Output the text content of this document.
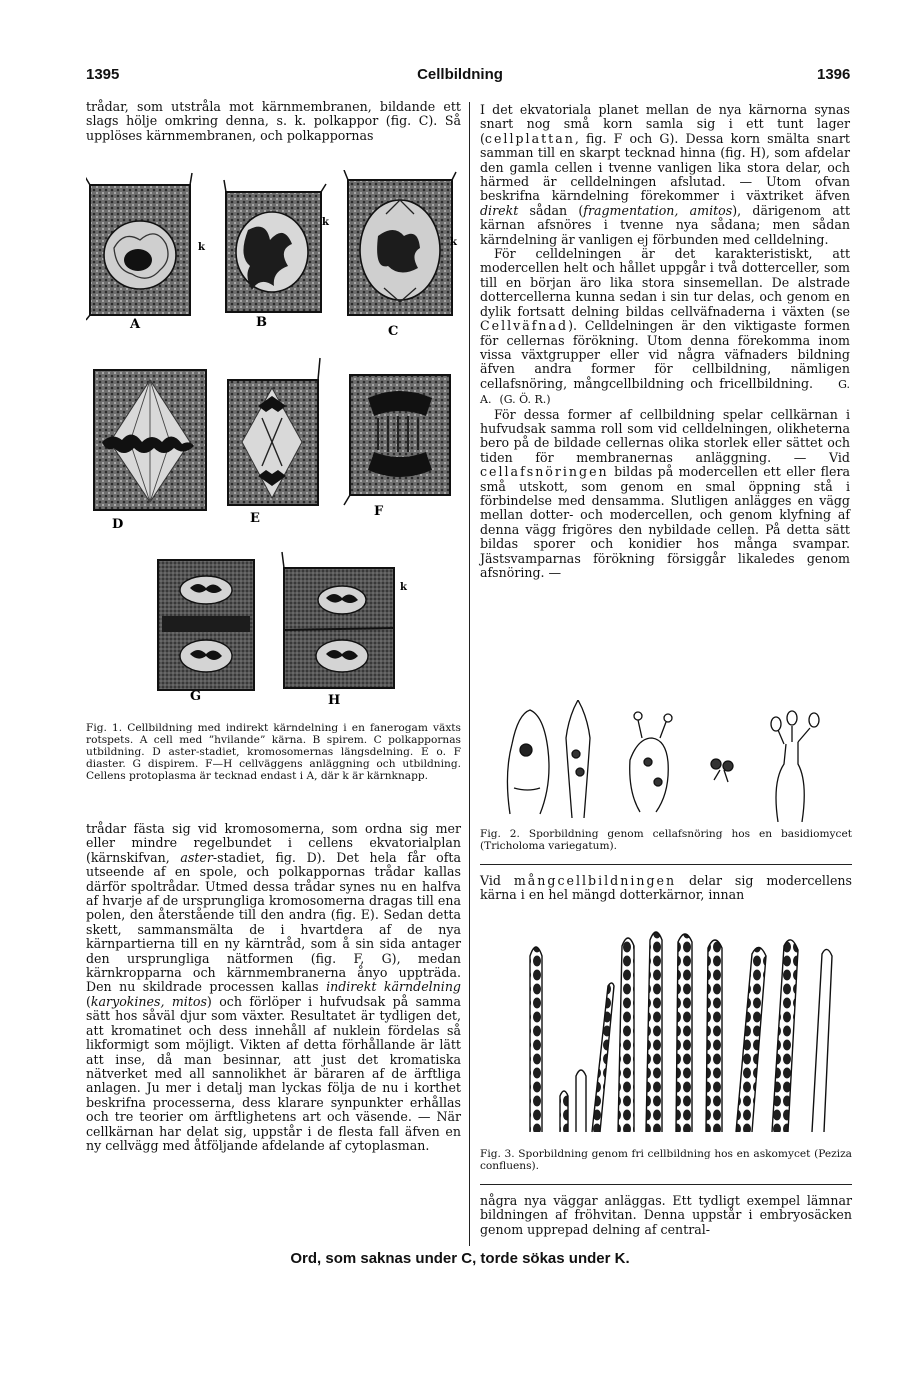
1395	Cellbildning	1396

trådar, som utstråla mot kärnmembranen, bildande ett slags hölje omkring denna, s. k. polkappor (fig. C). Så upplöses kärnmembranen, och polkappornas

k
A
k
B
k
C
D	E	F
G
k
H
Fig. 1. Cellbildning med indirekt kärndelning i en fanerogam växts rotspets. A cell med ”hvilande” kärna. B spirem. C polkappornas utbildning. D aster-stadiet, kromosomernas längsdelning. E o. F diaster. G dispirem. F—H cellväggens anläggning och utbildning. Cellens protoplasma är tecknad endast i A, där k är kärnknapp.

trådar fästa sig vid kromosomerna, som ordna sig mer eller mindre regelbundet i cellens ekvatorialplan (kärnskifvan, aster-stadiet, fig. D). Det hela får ofta utseende af en spole, och polkappornas trådar kallas därför spoltrådar. Utmed dessa trådar synes nu en halfva af hvarje af de ursprungliga kromosomerna dragas till ena polen, den återstående till den andra (fig. E). Sedan detta skett, sammansmälta de i hvartdera af de nya kärnpartierna till en ny kärntråd, som å sin sida antager den ursprungliga nätformen (fig. F, G), medan kärnkropparna och kärnmembranerna ånyo uppträda. Den nu skildrade processen kallas indirekt kärndelning (karyokines, mitos) och förlöper i hufvudsak på samma sätt hos såväl djur som växter. Resultatet är tydligen det, att kromatinet och dess innehåll af nuklein fördelas så likformigt som möjligt. Vikten af detta förhållande är lätt att inse, då man besinnar, att just det kromatiska nätverket med all sannolikhet är bäraren af de ärftliga anlagen. Ju mer i detalj man lyckas följa de nu i korthet beskrifna processerna, dess klarare synpunkter erhållas och tre teorier om ärftlighetens art och väsende. — När cellkärnan har delat sig, uppstår i de flesta fall äfven en ny cellvägg med åtföljande afdelande af cytoplasman.

I det ekvatoriala planet mellan de nya kärnorna synas snart nog små korn samla sig i ett tunt lager (cellplattan, fig. F och G). Dessa korn smälta snart samman till en skarpt tecknad hinna (fig. H), som afdelar den gamla cellen i tvenne vanligen lika stora delar, och härmed är celldelningen afslutad. — Utom ofvan beskrifna kärndelning förekommer i växtriket äfven direkt sådan (fragmentation, amitos), därigenom att kärnan afsnöres i tvenne nya sådana; men sådan kärndelning är vanligen ej förbunden med celldelning.

För celldelningen är det karakteristiskt, att modercellen helt och hållet uppgår i två dotterceller, som till en början äro lika stora sinsemellan. De alstrade dottercellerna kunna sedan i sin tur delas, och genom en dylik fortsatt delning bildas cellväfnaderna i växten (se Cellväfnad). Celldelningen är den viktigaste formen för cellernas förökning. Utom denna förekomma inom vissa växtgrupper eller vid några väfnaders bildning äfven andra former för cellbildning, nämligen cellafsnöring, mångcellbildning och fricellbildning. G. A. (G. Ö. R.)

För dessa former af cellbildning spelar cellkärnan i hufvudsak samma roll som vid celldelningen, olikheterna bero på de bildade cellernas olika storlek eller sättet och tiden för membranernas anläggning. — Vid cellafsnöringen bildas på modercellen ett eller flera små utskott, som genom en smal öppning stå i förbindelse med densamma. Slutligen anlägges en vägg mellan dotter- och modercellen, och genom klyfning af denna vägg frigöres den nybildade cellen. På detta sätt bildas sporer och konidier hos många svampar. Jästsvamparnas förökning försiggår likaledes genom afsnöring. —

Fig. 2. Sporbildning genom cellafsnöring hos en basidiomycet (Tricholoma variegatum).

Vid mångcellbildningen delar sig modercellens kärna i en hel mängd dotterkärnor, innan

Fig. 3. Sporbildning genom fri cellbildning hos en askomycet (Peziza confluens).

några nya väggar anläggas. Ett tydligt exempel lämnar bildningen af fröhvitan. Denna uppstår i embryosäcken genom upprepad delning af central-

Ord, som saknas under C, torde sökas under K.
